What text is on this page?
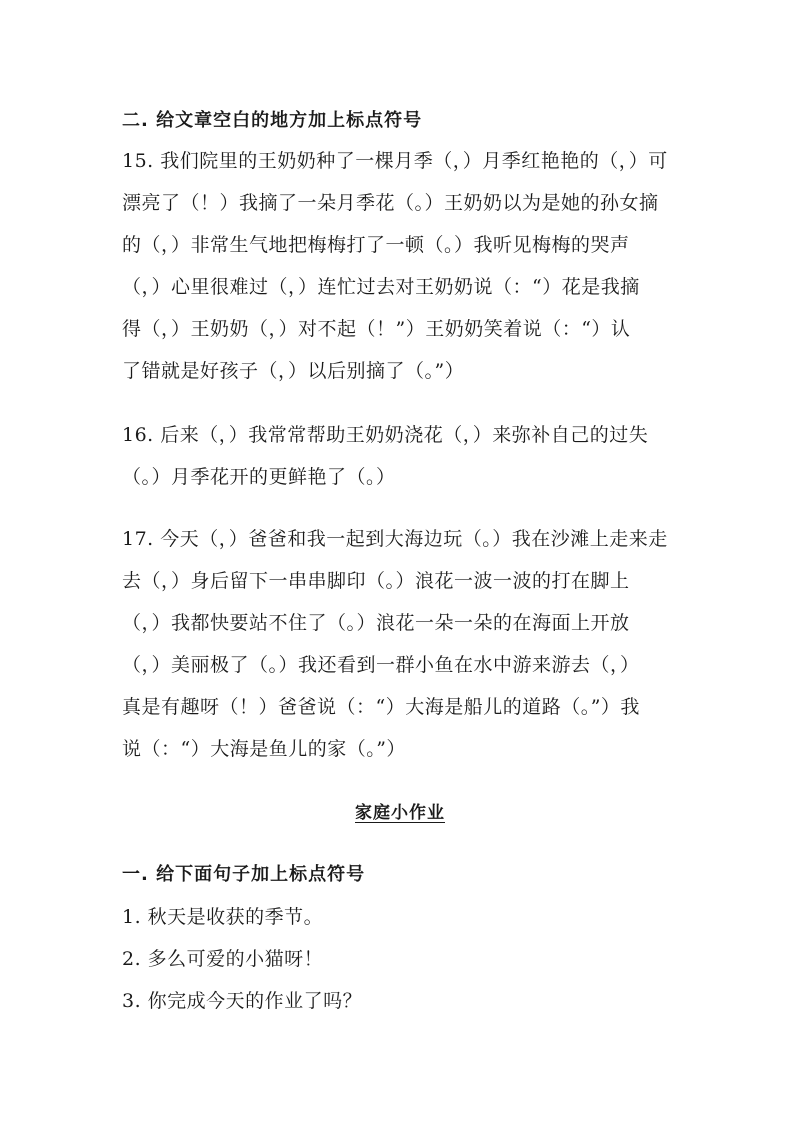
二. 给文章空白的地方加上标点符号
15. 我们院里的王奶奶种了一棵月季（，）月季红艳艳的（，）可
漂亮了（！）我摘了一朵月季花（。）王奶奶以为是她的孙女摘
的（，）非常生气地把梅梅打了一顿（。）我听见梅梅的哭声
（，）心里很难过（，）连忙过去对王奶奶说（：“）花是我摘
得（，）王奶奶（，）对不起（！”）王奶奶笑着说（：“）认
了错就是好孩子（，）以后别摘了（。”）
16. 后来（，）我常常帮助王奶奶浇花（，）来弥补自己的过失
（。）月季花开的更鲜艳了（。）
17. 今天（，）爸爸和我一起到大海边玩（。）我在沙滩上走来走
去（，）身后留下一串串脚印（。）浪花一波一波的打在脚上
（，）我都快要站不住了（。）浪花一朵一朵的在海面上开放
（，）美丽极了（。）我还看到一群小鱼在水中游来游去（，）
真是有趣呀（！）爸爸说（：“）大海是船儿的道路（。”）我
说（：“）大海是鱼儿的家（。”）
家庭小作业
一. 给下面句子加上标点符号
1. 秋天是收获的季节。
2. 多么可爱的小猫呀！
3. 你完成今天的作业了吗？
